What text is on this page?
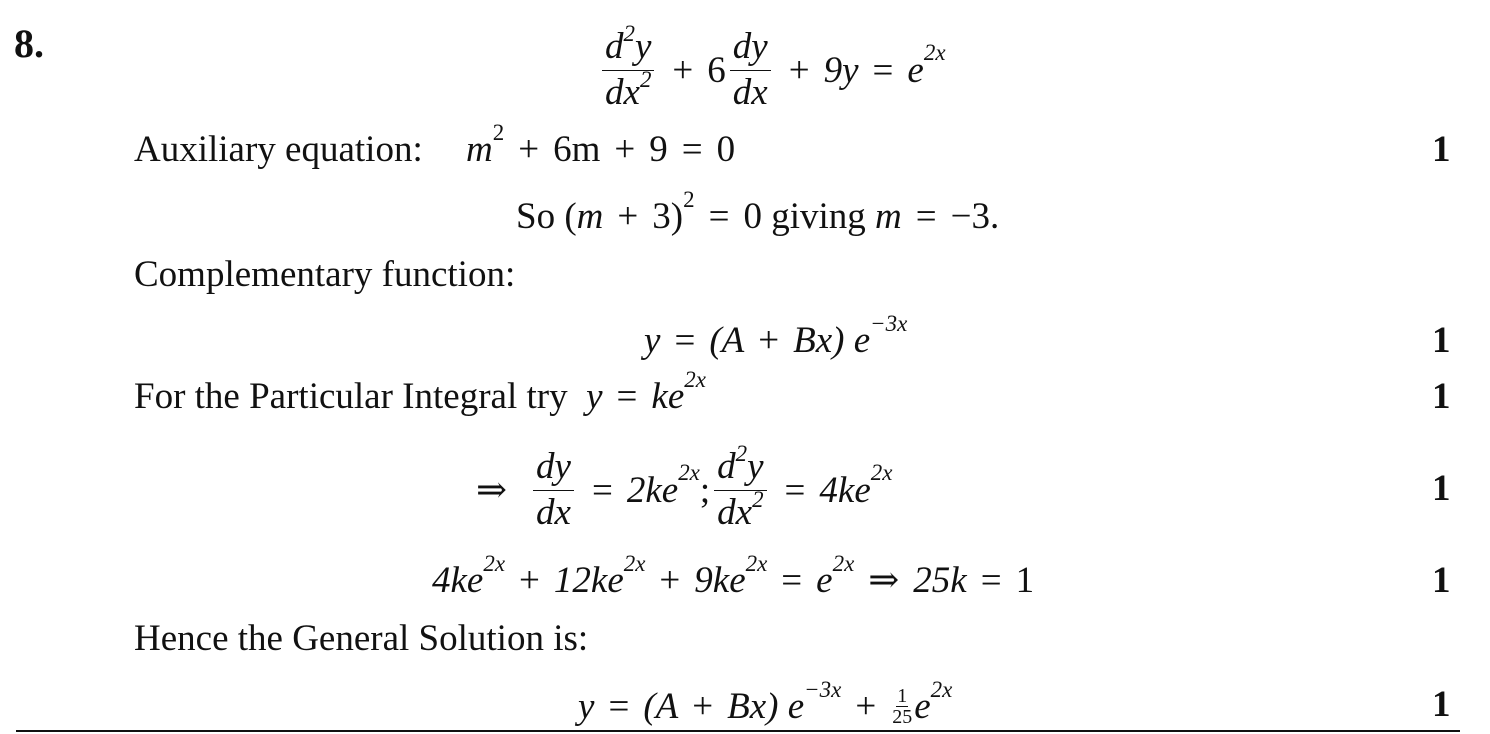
8.	$\frac{d^2y}{dx^2} + 6 \frac{dy}{dx} + 9y = e^{2x}$
Auxiliary equation: $m^2 + 6m + 9 = 0$	1
So
( m + 3)$^2$ = 0 giving
m = −3.
Complementary function:
y = (A + Bx)
$e^{-3x}$	1
For the Particular Integral try $y = ke^{2x}$	1
⇒ $\frac{dy}{dx} = 2ke^{2x}$ ; $\frac{d^2y}{dx^2} = 4ke^{2x}$	1
$4ke^{2x} + 12ke^{2x} + 9ke^{2x} = e^{2x}$ ⇒ 25k = 1	1
Hence the General Solution is:
y = (A + Bx)
$e^{-3x} + \frac{1}{25} e^{2x}$	1
